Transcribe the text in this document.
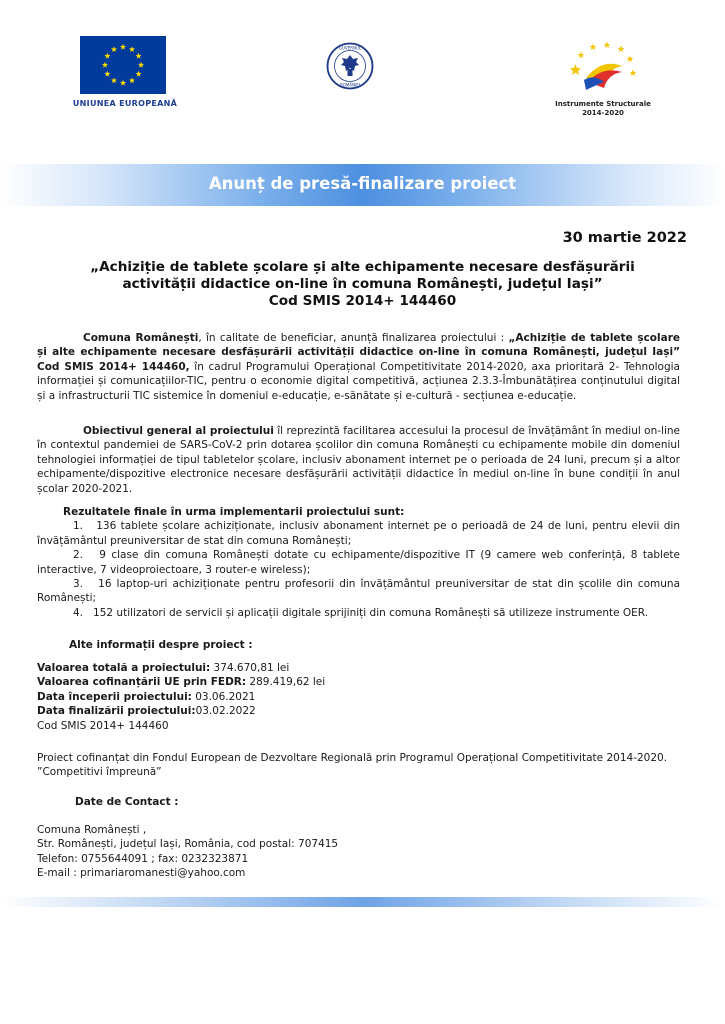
UNIUNEA EUROPEANĂ
GUVERNUL
ROMÂNIEI
Instrumente Structurale
2014-2020
Anunț de presă-finalizare proiect
30 martie 2022
„Achiziție de tablete școlare și alte echipamente necesare desfășurării
activității didactice on-line în comuna Românești, județul Iași”
Cod SMIS 2014+ 144460
Comuna Românești, în calitate de beneficiar, anunță finalizarea proiectului : „Achiziție de tablete școlare și alte echipamente necesare desfășurării activității didactice on-line în comuna Românești, județul Iași” Cod SMIS 2014+ 144460, în cadrul Programului Operațional Competitivitate 2014-2020, axa prioritară 2- Tehnologia informației și comunicațiilor-TIC, pentru o economie digital competitivă, acțiunea 2.3.3-Îmbunătățirea conținutului digital și a infrastructurii TIC sistemice în domeniul e-educație, e-sănătate și e-cultură - secțiunea e-educație.
Obiectivul general al proiectului îl reprezintă facilitarea accesului la procesul de învățământ în mediul on-line în contextul pandemiei de SARS-CoV-2 prin dotarea școlilor din comuna Românești cu echipamente mobile din domeniul tehnologiei informației de tipul tabletelor școlare, inclusiv abonament internet pe o perioada de 24 luni, precum și a altor echipamente/dispozitive electronice necesare desfășurării activității didactice în mediul on-line în bune condiții în anul școlar 2020-2021.
Rezultatele finale în urma implementarii proiectului sunt:
1. 136 tablete școlare achiziționate, inclusiv abonament internet pe o perioadă de 24 de luni, pentru elevii din învățământul preuniversitar de stat din comuna Românești;
2. 9 clase din comuna Românești dotate cu echipamente/dispozitive IT (9 camere web conferință, 8 tablete interactive, 7 videoproiectoare, 3 router-e wireless);
3. 16 laptop-uri achiziționate pentru profesorii din învățământul preuniversitar de stat din școlile din comuna Românești;
4. 152 utilizatori de servicii și aplicații digitale sprijiniți din comuna Românești să utilizeze instrumente OER.
Alte informații despre proiect :
Valoarea totală a proiectului: 374.670,81 lei
Valoarea cofinanțării UE prin FEDR: 289.419,62 lei
Data începerii proiectului: 03.06.2021
Data finalizării proiectului:03.02.2022
Cod SMIS 2014+ 144460
Proiect cofinanțat din Fondul European de Dezvoltare Regională prin Programul Operațional Competitivitate 2014-2020.
”Competitivi împreună”
Date de Contact :
Comuna Românești ,
Str. Românești, județul Iași, România, cod postal: 707415
Telefon: 0755644091 ; fax: 0232323871
E-mail : primariaromanesti@yahoo.com
